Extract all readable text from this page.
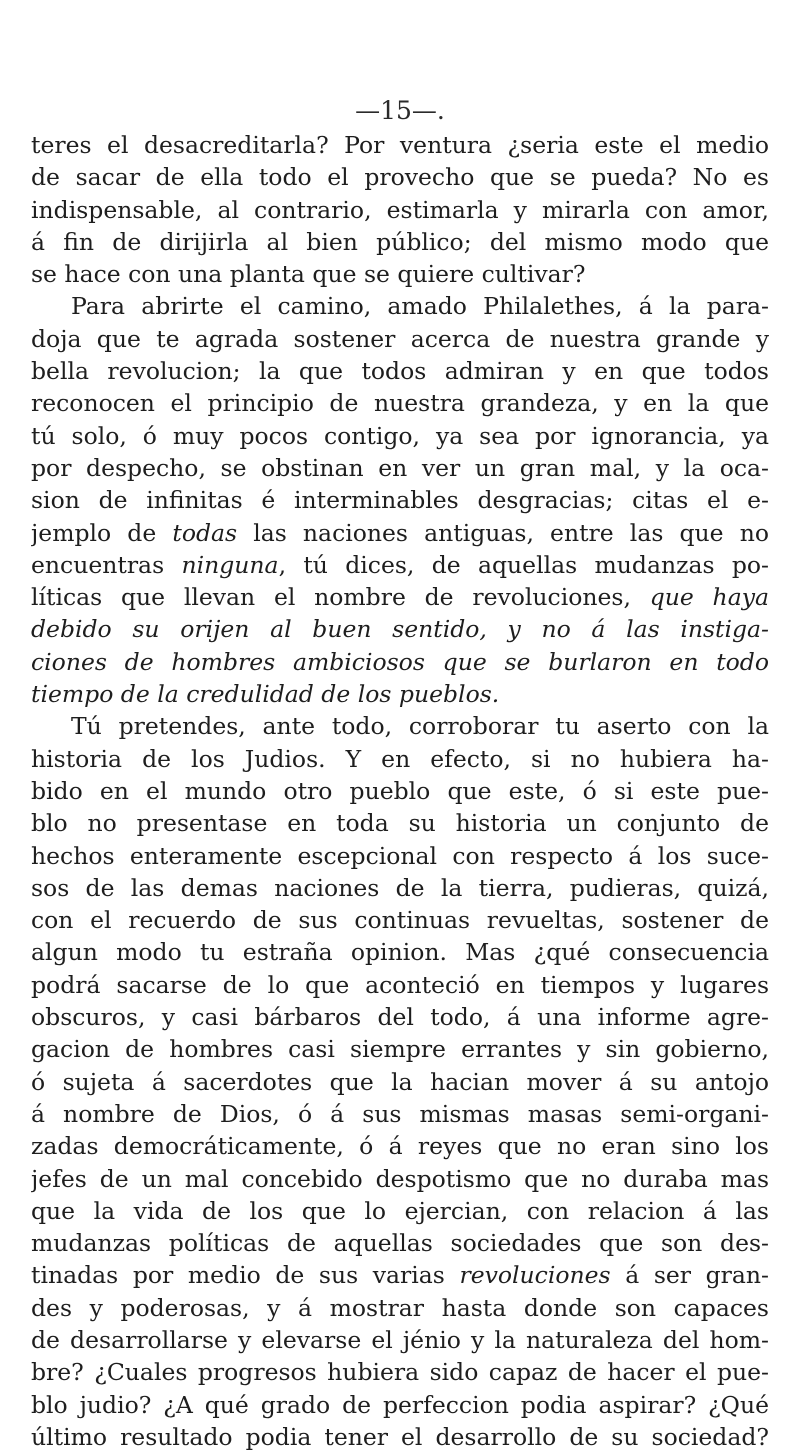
—15—.
teres el desacreditarla? Por ventura ¿seria este el medio
de sacar de ella todo el provecho que se pueda? No es
indispensable, al contrario, estimarla y mirarla con amor,
á fin de dirijirla al bien público; del mismo modo que
se hace con una planta que se quiere cultivar?
Para abrirte el camino, amado Philalethes, á la para-
doja que te agrada sostener acerca de nuestra grande y
bella revolucion; la que todos admiran y en que todos
reconocen el principio de nuestra grandeza, y en la que
tú solo, ó muy pocos contigo, ya sea por ignorancia, ya
por despecho, se obstinan en ver un gran mal, y la oca-
sion de infinitas é interminables desgracias; citas el e-
jemplo de todas las naciones antiguas, entre las que no
encuentras ninguna, tú dices, de aquellas mudanzas po-
líticas que llevan el nombre de revoluciones, que haya
debido su orijen al buen sentido, y no á las instiga-
ciones de hombres ambiciosos que se burlaron en todo
tiempo de la credulidad de los pueblos.
Tú pretendes, ante todo, corroborar tu aserto con la
historia de los Judios. Y en efecto, si no hubiera ha-
bido en el mundo otro pueblo que este, ó si este pue-
blo no presentase en toda su historia un conjunto de
hechos enteramente escepcional con respecto á los suce-
sos de las demas naciones de la tierra, pudieras, quizá,
con el recuerdo de sus continuas revueltas, sostener de
algun modo tu estraña opinion. Mas ¿qué consecuencia
podrá sacarse de lo que aconteció en tiempos y lugares
obscuros, y casi bárbaros del todo, á una informe agre-
gacion de hombres casi siempre errantes y sin gobierno,
ó sujeta á sacerdotes que la hacian mover á su antojo
á nombre de Dios, ó á sus mismas masas semi-organi-
zadas democráticamente, ó á reyes que no eran sino los
jefes de un mal concebido despotismo que no duraba mas
que la vida de los que lo ejercian, con relacion á las
mudanzas políticas de aquellas sociedades que son des-
tinadas por medio de sus varias revoluciones á ser gran-
des y poderosas, y á mostrar hasta donde son capaces
de desarrollarse y elevarse el jénio y la naturaleza del hom-
bre? ¿Cuales progresos hubiera sido capaz de hacer el pue-
blo judio? ¿A qué grado de perfeccion podia aspirar? ¿Qué
último resultado podia tener el desarrollo de su sociedad?
